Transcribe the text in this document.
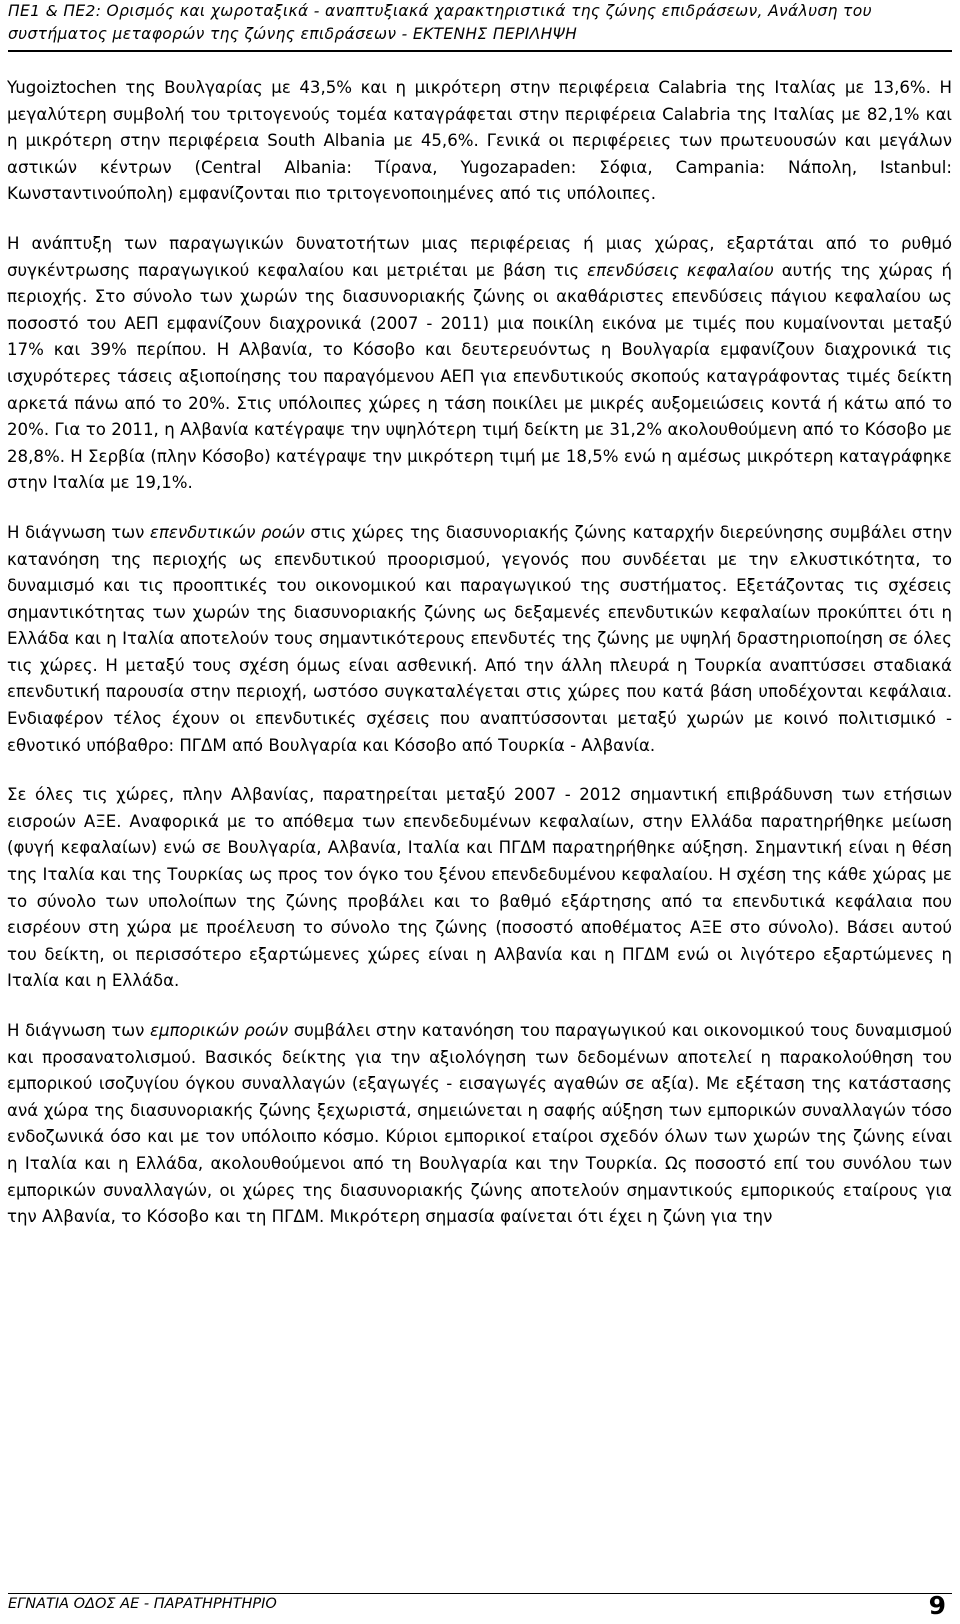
ΠΕ1 & ΠΕ2: Ορισμός και χωροταξικά - αναπτυξιακά χαρακτηριστικά της ζώνης επιδράσεων, Ανάλυση του
συστήματος μεταφορών της ζώνης επιδράσεων - ΕΚΤΕΝΗΣ ΠΕΡΙΛΗΨΗ

Yugoiztochen της Βουλγαρίας με 43,5% και η μικρότερη στην περιφέρεια Calabria της Ιταλίας με 13,6%. Η μεγαλύτερη συμβολή του τριτογενούς τομέα καταγράφεται στην περιφέρεια Calabria της Ιταλίας με 82,1% και η μικρότερη στην περιφέρεια South Albania με 45,6%. Γενικά οι περιφέρειες των πρωτευουσών και μεγάλων αστικών κέντρων (Central Albania: Τίρανα, Yugozapaden: Σόφια, Campania: Νάπολη, Istanbul: Κωνσταντινούπολη) εμφανίζονται πιο τριτογενοποιημένες από τις υπόλοιπες.

Η ανάπτυξη των παραγωγικών δυνατοτήτων μιας περιφέρειας ή μιας χώρας, εξαρτάται από το ρυθμό συγκέντρωσης παραγωγικού κεφαλαίου και μετριέται με βάση τις επενδύσεις κεφαλαίου αυτής της χώρας ή περιοχής. Στο σύνολο των χωρών της διασυνοριακής ζώνης οι ακαθάριστες επενδύσεις πάγιου κεφαλαίου ως ποσοστό του ΑΕΠ εμφανίζουν διαχρονικά (2007 - 2011) μια ποικίλη εικόνα με τιμές που κυμαίνονται μεταξύ 17% και 39% περίπου. Η Αλβανία, το Κόσοβο και δευτερευόντως η Βουλγαρία εμφανίζουν διαχρονικά τις ισχυρότερες τάσεις αξιοποίησης του παραγόμενου ΑΕΠ για επενδυτικούς σκοπούς καταγράφοντας τιμές δείκτη αρκετά πάνω από το 20%. Στις υπόλοιπες χώρες η τάση ποικίλει με μικρές αυξομειώσεις κοντά ή κάτω από το 20%. Για το 2011, η Αλβανία κατέγραψε την υψηλότερη τιμή δείκτη με 31,2% ακολουθούμενη από το Κόσοβο με 28,8%. Η Σερβία (πλην Κόσοβο) κατέγραψε την μικρότερη τιμή με 18,5% ενώ η αμέσως μικρότερη καταγράφηκε στην Ιταλία με 19,1%.

Η διάγνωση των επενδυτικών ροών στις χώρες της διασυνοριακής ζώνης καταρχήν διερεύνησης συμβάλει στην κατανόηση της περιοχής ως επενδυτικού προορισμού, γεγονός που συνδέεται με την ελκυστικότητα, το δυναμισμό και τις προοπτικές του οικονομικού και παραγωγικού της συστήματος. Εξετάζοντας τις σχέσεις σημαντικότητας των χωρών της διασυνοριακής ζώνης ως δεξαμενές επενδυτικών κεφαλαίων προκύπτει ότι η Ελλάδα και η Ιταλία αποτελούν τους σημαντικότερους επενδυτές της ζώνης με υψηλή δραστηριοποίηση σε όλες τις χώρες. Η μεταξύ τους σχέση όμως είναι ασθενική. Από την άλλη πλευρά η Τουρκία αναπτύσσει σταδιακά επενδυτική παρουσία στην περιοχή, ωστόσο συγκαταλέγεται στις χώρες που κατά βάση υποδέχονται κεφάλαια. Ενδιαφέρον τέλος έχουν οι επενδυτικές σχέσεις που αναπτύσσονται μεταξύ χωρών με κοινό πολιτισμικό - εθνοτικό υπόβαθρο: ΠΓΔΜ από Βουλγαρία και Κόσοβο από Τουρκία - Αλβανία.

Σε όλες τις χώρες, πλην Αλβανίας, παρατηρείται μεταξύ 2007 - 2012 σημαντική επιβράδυνση των ετήσιων εισροών ΑΞΕ. Αναφορικά με το απόθεμα των επενδεδυμένων κεφαλαίων, στην Ελλάδα παρατηρήθηκε μείωση (φυγή κεφαλαίων) ενώ σε Βουλγαρία, Αλβανία, Ιταλία και ΠΓΔΜ παρατηρήθηκε αύξηση. Σημαντική είναι η θέση της Ιταλία και της Τουρκίας ως προς τον όγκο του ξένου επενδεδυμένου κεφαλαίου. Η σχέση της κάθε χώρας με το σύνολο των υπολοίπων της ζώνης προβάλει και το βαθμό εξάρτησης από τα επενδυτικά κεφάλαια που εισρέουν στη χώρα με προέλευση το σύνολο της ζώνης (ποσοστό αποθέματος ΑΞΕ στο σύνολο). Βάσει αυτού του δείκτη, οι περισσότερο εξαρτώμενες χώρες είναι η Αλβανία και η ΠΓΔΜ ενώ οι λιγότερο εξαρτώμενες η Ιταλία και η Ελλάδα.

Η διάγνωση των εμπορικών ροών συμβάλει στην κατανόηση του παραγωγικού και οικονομικού τους δυναμισμού και προσανατολισμού. Βασικός δείκτης για την αξιολόγηση των δεδομένων αποτελεί η παρακολούθηση του εμπορικού ισοζυγίου όγκου συναλλαγών (εξαγωγές - εισαγωγές αγαθών σε αξία). Με εξέταση της κατάστασης ανά χώρα της διασυνοριακής ζώνης ξεχωριστά, σημειώνεται η σαφής αύξηση των εμπορικών συναλλαγών τόσο ενδοζωνικά όσο και με τον υπόλοιπο κόσμο. Κύριοι εμπορικοί εταίροι σχεδόν όλων των χωρών της ζώνης είναι η Ιταλία και η Ελλάδα, ακολουθούμενοι από τη Βουλγαρία και την Τουρκία. Ως ποσοστό επί του συνόλου των εμπορικών συναλλαγών, οι χώρες της διασυνοριακής ζώνης αποτελούν σημαντικούς εμπορικούς εταίρους για την Αλβανία, το Κόσοβο και τη ΠΓΔΜ. Μικρότερη σημασία φαίνεται ότι έχει η ζώνη για την

ΕΓΝΑΤΙΑ ΟΔΟΣ ΑΕ - ΠΑΡΑΤΗΡΗΤΗΡΙΟ	9
